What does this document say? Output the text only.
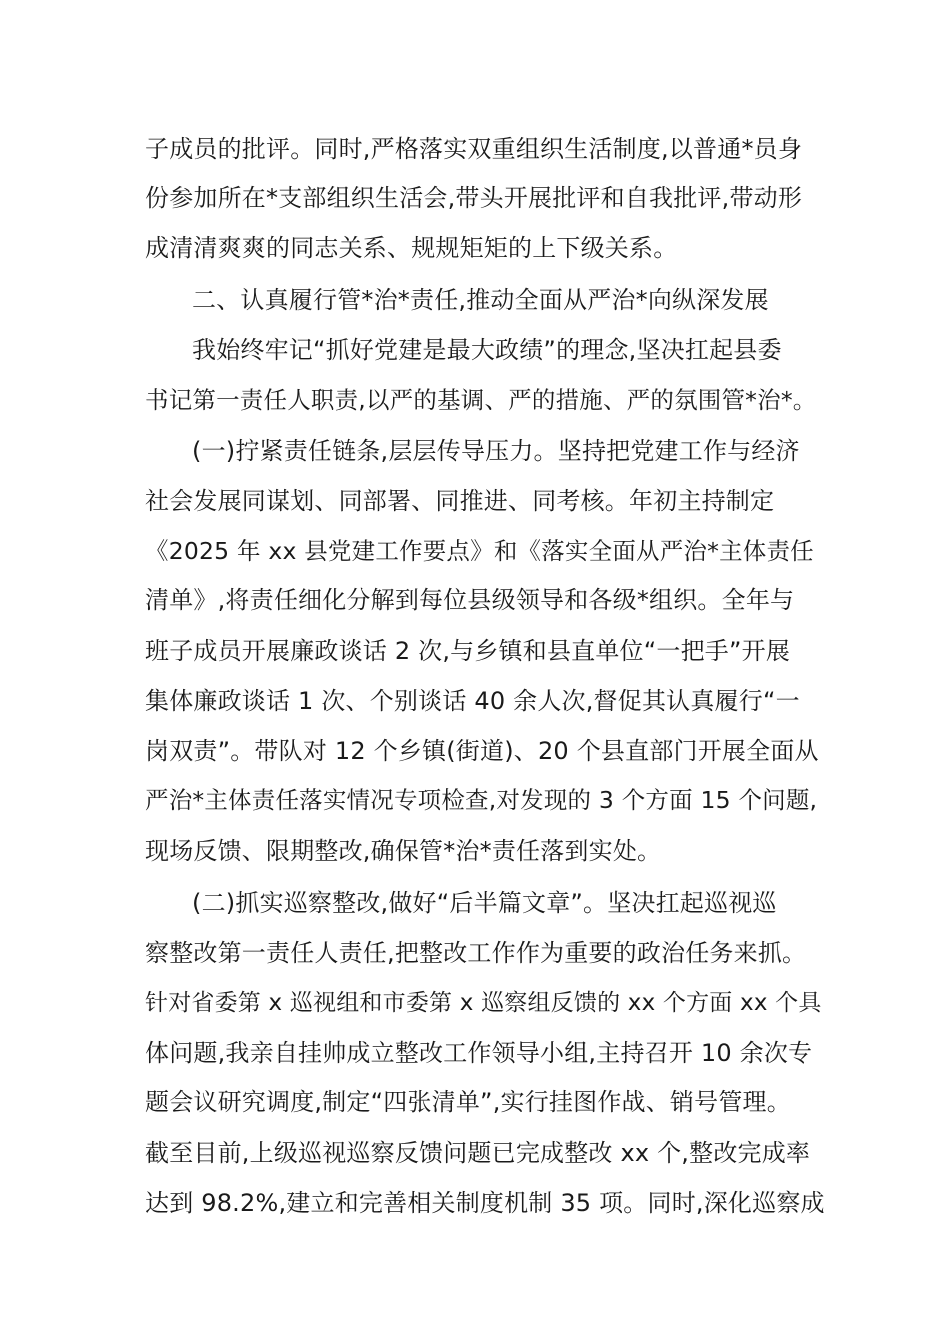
子成员的批评。同时,严格落实双重组织生活制度,以普通*员身
份参加所在*支部组织生活会,带头开展批评和自我批评,带动形
成清清爽爽的同志关系、规规矩矩的上下级关系。
二、认真履行管*治*责任,推动全面从严治*向纵深发展
我始终牢记“抓好党建是最大政绩”的理念,坚决扛起县委
书记第一责任人职责,以严的基调、严的措施、严的氛围管*治*。
(一)拧紧责任链条,层层传导压力。坚持把党建工作与经济
社会发展同谋划、同部署、同推进、同考核。年初主持制定
《2025 年 xx 县党建工作要点》和《落实全面从严治*主体责任
清单》,将责任细化分解到每位县级领导和各级*组织。全年与
班子成员开展廉政谈话 2 次,与乡镇和县直单位“一把手”开展
集体廉政谈话 1 次、个别谈话 40 余人次,督促其认真履行“一
岗双责”。带队对 12 个乡镇(街道)、20 个县直部门开展全面从
严治*主体责任落实情况专项检查,对发现的 3 个方面 15 个问题,
现场反馈、限期整改,确保管*治*责任落到实处。
(二)抓实巡察整改,做好“后半篇文章”。坚决扛起巡视巡
察整改第一责任人责任,把整改工作作为重要的政治任务来抓。
针对省委第 x 巡视组和市委第 x 巡察组反馈的 xx 个方面 xx 个具
体问题,我亲自挂帅成立整改工作领导小组,主持召开 10 余次专
题会议研究调度,制定“四张清单”,实行挂图作战、销号管理。
截至目前,上级巡视巡察反馈问题已完成整改 xx 个,整改完成率
达到 98.2%,建立和完善相关制度机制 35 项。同时,深化巡察成
